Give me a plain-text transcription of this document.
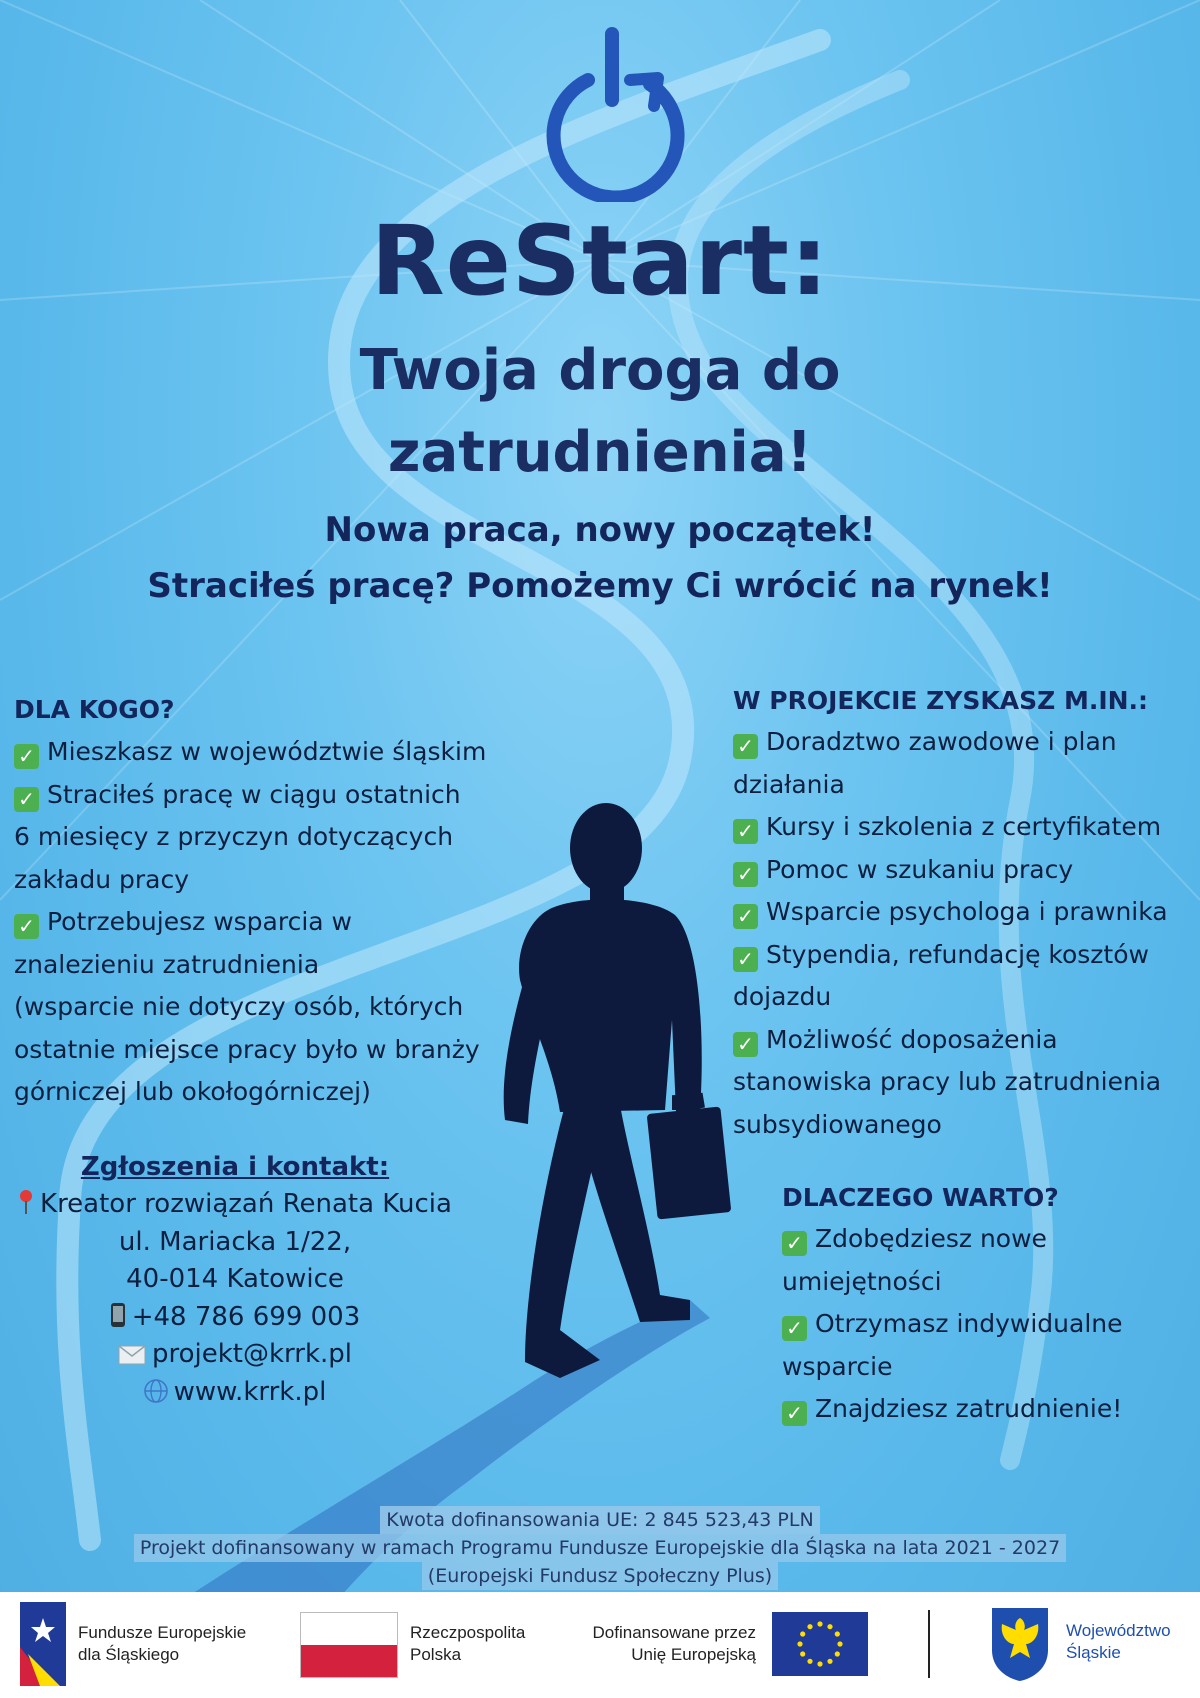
ReStart:
Twoja droga do
zatrudnienia!
Nowa praca, nowy początek!
Straciłeś pracę? Pomożemy Ci wrócić na rynek!
DLA KOGO?
✓ Mieszkasz w województwie śląskim
✓ Straciłeś pracę w ciągu ostatnich
6 miesięcy z przyczyn dotyczących
zakładu pracy
✓ Potrzebujesz wsparcia w
znalezieniu zatrudnienia
(wsparcie nie dotyczy osób, których
ostatnie miejsce pracy było w branży
górniczej lub okołogórniczej)
W PROJEKCIE ZYSKASZ M.IN.:
✓ Doradztwo zawodowe i plan
działania
✓ Kursy i szkolenia z certyfikatem
✓ Pomoc w szukaniu pracy
✓ Wsparcie psychologa i prawnika
✓ Stypendia, refundację kosztów
dojazdu
✓ Możliwość doposażenia
stanowiska pracy lub zatrudnienia
subsydiowanego
DLACZEGO WARTO?
✓ Zdobędziesz nowe
umiejętności
✓ Otrzymasz indywidualne
wsparcie
✓ Znajdziesz zatrudnienie!
Zgłoszenia i kontakt:
Kreator rozwiązań Renata Kucia
ul. Mariacka 1/22,
40-014 Katowice
+48 786 699 003
projekt@krrk.pl
www.krrk.pl
Kwota dofinansowania UE: 2 845 523,43 PLN
Projekt dofinansowany w ramach Programu Fundusze Europejskie dla Śląska na lata 2021 - 2027
(Europejski Fundusz Społeczny Plus)
Fundusze Europejskie
dla Śląskiego
Rzeczpospolita
Polska
Dofinansowane przez
Unię Europejską
Województwo
Śląskie
